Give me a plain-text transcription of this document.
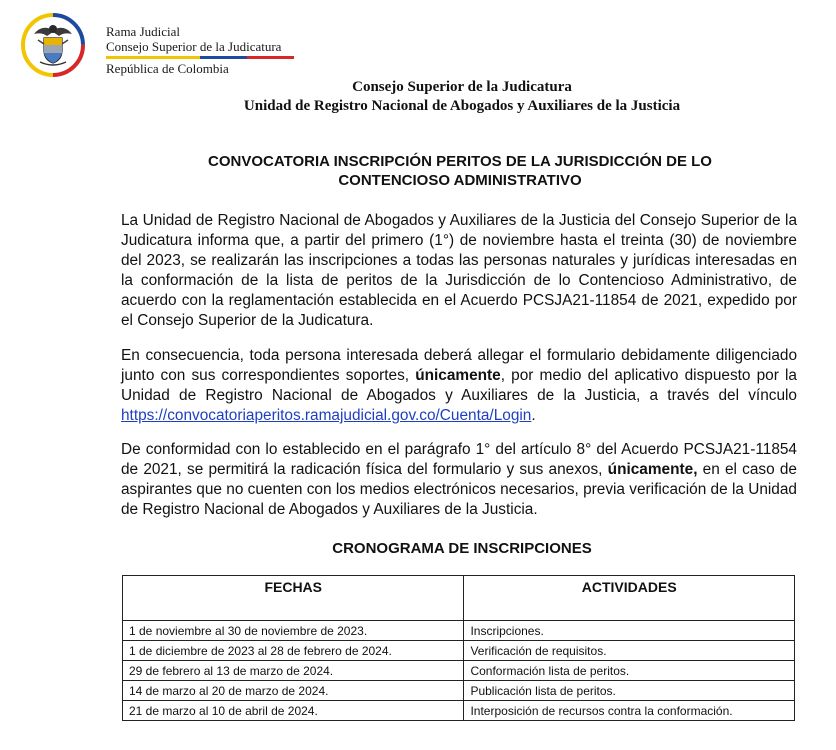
Rama Judicial
Consejo Superior de la Judicatura
República de Colombia
Consejo Superior de la Judicatura
Unidad de Registro Nacional de Abogados y Auxiliares de la Justicia
CONVOCATORIA INSCRIPCIÓN PERITOS DE LA JURISDICCIÓN DE LO
CONTENCIOSO ADMINISTRATIVO
La Unidad de Registro Nacional de Abogados y Auxiliares de la Justicia del Consejo Superior de la Judicatura informa que, a partir del primero (1°) de noviembre hasta el treinta (30) de noviembre del 2023, se realizarán las inscripciones a todas las personas naturales y jurídicas interesadas en la conformación de la lista de peritos de la Jurisdicción de lo Contencioso Administrativo, de acuerdo con la reglamentación establecida en el Acuerdo PCSJA21-11854 de 2021, expedido por el Consejo Superior de la Judicatura.
En consecuencia, toda persona interesada deberá allegar el formulario debidamente diligenciado junto con sus correspondientes soportes, únicamente, por medio del aplicativo dispuesto por la Unidad de Registro Nacional de Abogados y Auxiliares de la Justicia, a través del vínculo https://convocatoriaperitos.ramajudicial.gov.co/Cuenta/Login.
De conformidad con lo establecido en el parágrafo 1° del artículo 8° del Acuerdo PCSJA21-11854 de 2021, se permitirá la radicación física del formulario y sus anexos, únicamente, en el caso de aspirantes que no cuenten con los medios electrónicos necesarios, previa verificación de la Unidad de Registro Nacional de Abogados y Auxiliares de la Justicia.
CRONOGRAMA DE INSCRIPCIONES
FECHAS	ACTIVIDADES
1 de noviembre al 30 de noviembre de 2023.	Inscripciones.
1 de diciembre de 2023 al 28 de febrero de 2024.	Verificación de requisitos.
29 de febrero al 13 de marzo de 2024.	Conformación lista de peritos.
14 de marzo al 20 de marzo de 2024.	Publicación lista de peritos.
21 de marzo al 10 de abril de 2024.	Interposición de recursos contra la conformación.
